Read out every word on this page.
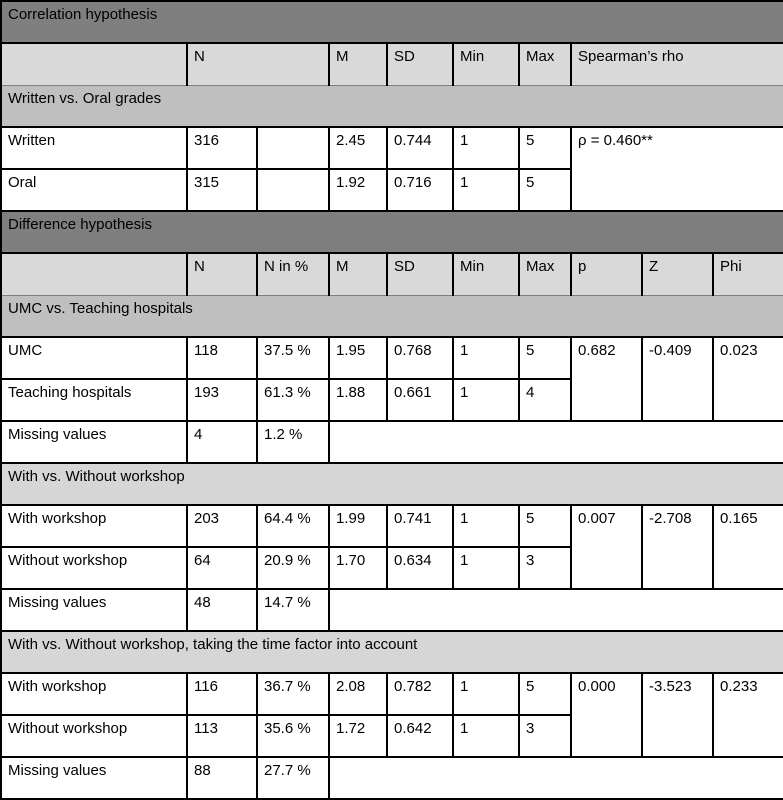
Correlation hypothesis									
	N		M	SD	Min	Max	Spearman’s rho		
Written vs. Oral grades									
Written	316		2.45	0.744	1	5	ρ = 0.460**		
Oral	315		1.92	0.716	1	5			
Difference hypothesis									
	N	N in %	M	SD	Min	Max	p	Z	Phi
UMC vs. Teaching hospitals									
UMC	118	37.5 %	1.95	0.768	1	5	0.682	-0.409	0.023
Teaching hospitals	193	61.3 %	1.88	0.661	1	4			
Missing values	4	1.2 %							
With vs. Without workshop									
With workshop	203	64.4 %	1.99	0.741	1	5	0.007	-2.708	0.165
Without workshop	64	20.9 %	1.70	0.634	1	3			
Missing values	48	14.7 %							
With vs. Without workshop, taking the time factor into account									
With workshop	116	36.7 %	2.08	0.782	1	5	0.000	-3.523	0.233
Without workshop	113	35.6 %	1.72	0.642	1	3			
Missing values	88	27.7 %							
